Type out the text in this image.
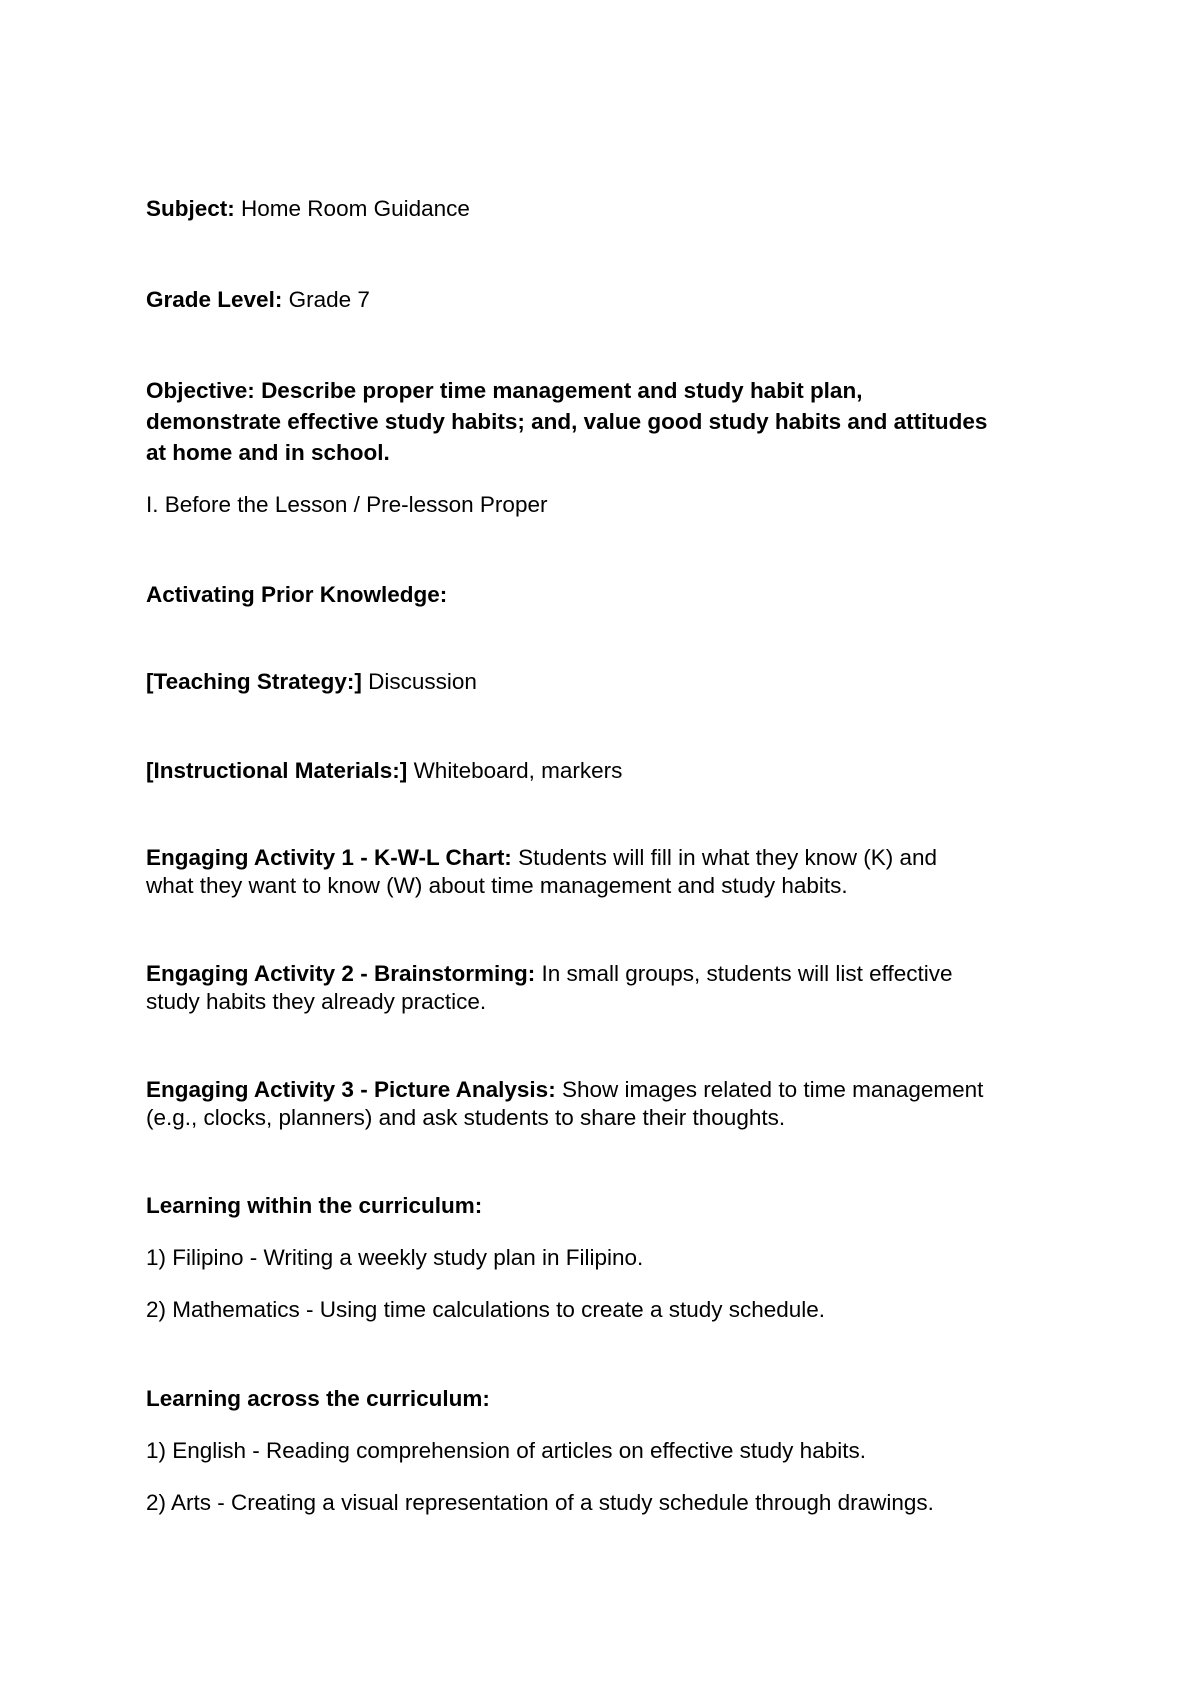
Subject: Home Room Guidance
Grade Level: Grade 7
Objective: Describe proper time management and study habit plan,
demonstrate effective study habits; and, value good study habits and attitudes
at home and in school.
I. Before the Lesson / Pre-lesson Proper
Activating Prior Knowledge:
[Teaching Strategy:] Discussion
[Instructional Materials:] Whiteboard, markers
Engaging Activity 1 - K-W-L Chart: Students will fill in what they know (K) and
what they want to know (W) about time management and study habits.
Engaging Activity 2 - Brainstorming: In small groups, students will list effective
study habits they already practice.
Engaging Activity 3 - Picture Analysis: Show images related to time management
(e.g., clocks, planners) and ask students to share their thoughts.
Learning within the curriculum:
1) Filipino - Writing a weekly study plan in Filipino.
2) Mathematics - Using time calculations to create a study schedule.
Learning across the curriculum:
1) English - Reading comprehension of articles on effective study habits.
2) Arts - Creating a visual representation of a study schedule through drawings.
